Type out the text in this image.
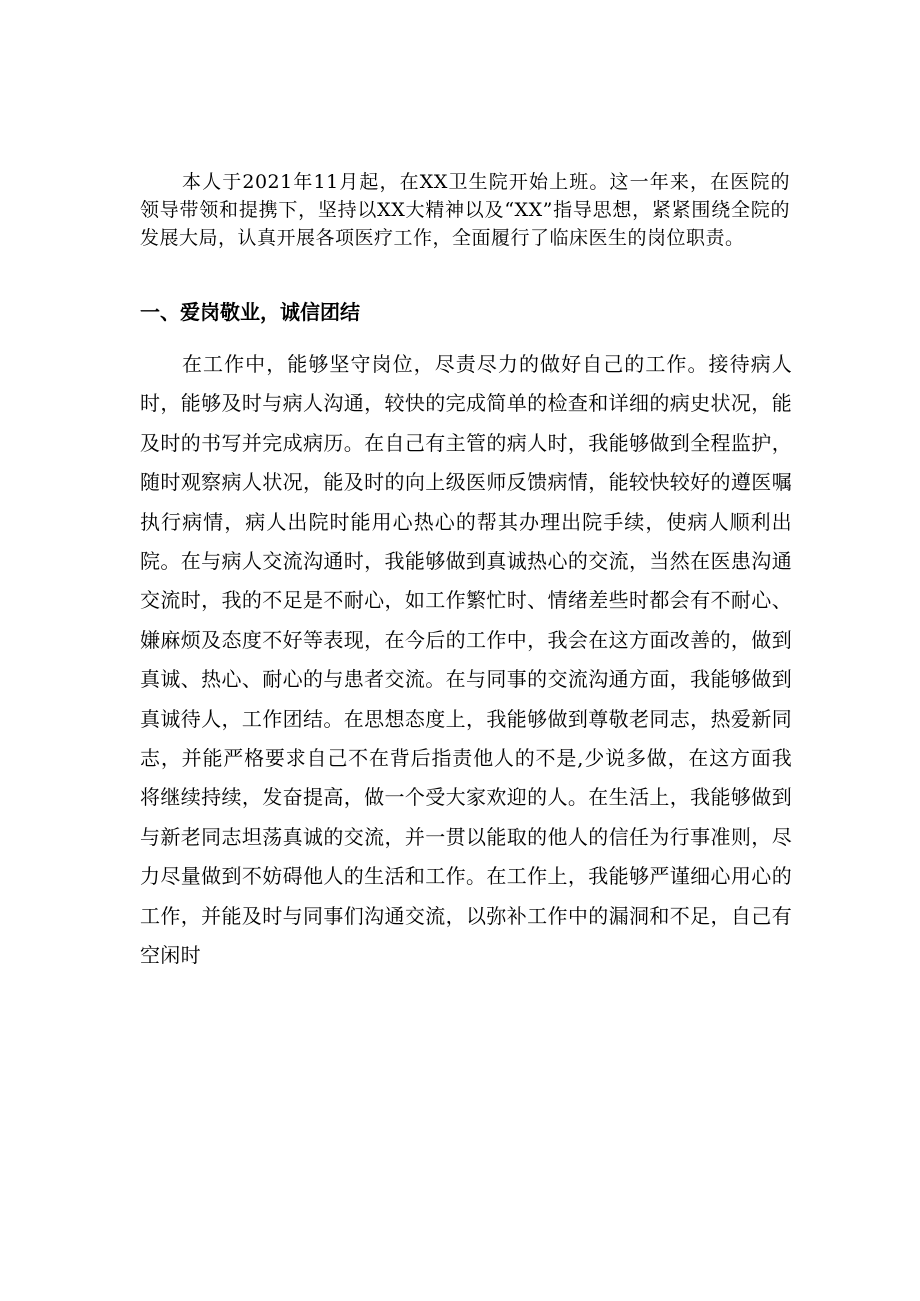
本人于2021年11月起，在XX卫生院开始上班。这一年来，在医院的领导带领和提携下，坚持以XX大精神以及“XX”指导思想，紧紧围绕全院的发展大局，认真开展各项医疗工作，全面履行了临床医生的岗位职责。

一、爱岗敬业，诚信团结

在工作中，能够坚守岗位，尽责尽力的做好自己的工作。接待病人时，能够及时与病人沟通，较快的完成简单的检查和详细的病史状况，能及时的书写并完成病历。在自己有主管的病人时，我能够做到全程监护，随时观察病人状况，能及时的向上级医师反馈病情，能较快较好的遵医嘱执行病情，病人出院时能用心热心的帮其办理出院手续，使病人顺利出院。在与病人交流沟通时，我能够做到真诚热心的交流，当然在医患沟通交流时，我的不足是不耐心，如工作繁忙时、情绪差些时都会有不耐心、嫌麻烦及态度不好等表现，在今后的工作中，我会在这方面改善的，做到真诚、热心、耐心的与患者交流。在与同事的交流沟通方面，我能够做到真诚待人，工作团结。在思想态度上，我能够做到尊敬老同志，热爱新同志，并能严格要求自己不在背后指责他人的不是,少说多做，在这方面我将继续持续，发奋提高，做一个受大家欢迎的人。在生活上，我能够做到与新老同志坦荡真诚的交流，并一贯以能取的他人的信任为行事准则，尽力尽量做到不妨碍他人的生活和工作。在工作上，我能够严谨细心用心的工作，并能及时与同事们沟通交流，以弥补工作中的漏洞和不足，自己有空闲时
